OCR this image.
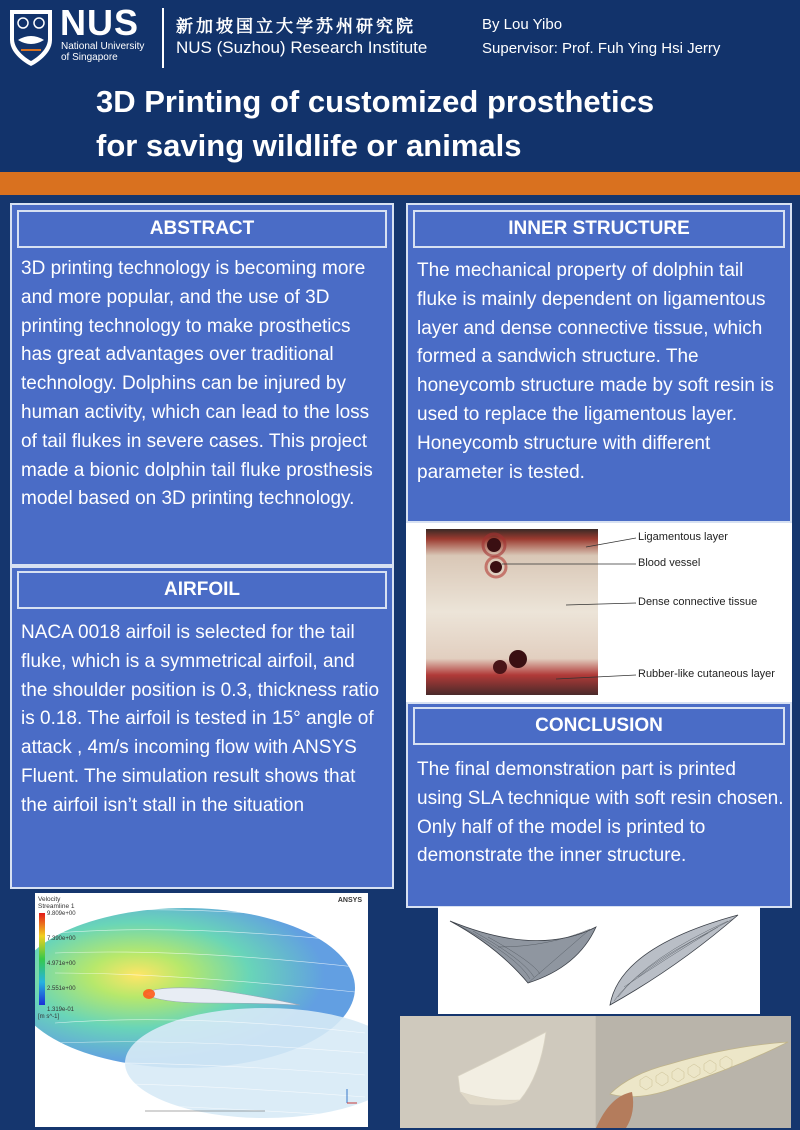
NUS
National University
of Singapore
新加坡国立大学苏州研究院
NUS (Suzhou) Research Institute
By Lou Yibo
Supervisor: Prof. Fuh Ying Hsi Jerry
3D Printing of customized prosthetics
for saving wildlife or animals
ABSTRACT
3D printing technology is becoming more and more popular, and the use of 3D printing technology to make prosthetics has great advantages over traditional technology. Dolphins can be injured by human activity, which can lead to the loss of tail flukes in severe cases. This project made a bionic dolphin tail fluke prosthesis model based on 3D printing technology.
AIRFOIL
NACA 0018 airfoil is selected for the tail fluke, which is a symmetrical airfoil, and the shoulder position is 0.3, thickness ratio is 0.18. The airfoil is tested in 15° angle of attack , 4m/s incoming flow with ANSYS Fluent. The simulation result shows that the airfoil isn’t stall in the situation
INNER STRUCTURE
The mechanical property of dolphin tail fluke is mainly dependent on ligamentous layer and dense connective tissue, which formed a sandwich structure. The honeycomb structure made by soft resin is used to replace the ligamentous layer. Honeycomb structure with different parameter is tested.
Ligamentous layer
Blood vessel
Dense connective tissue
Rubber-like cutaneous layer
CONCLUSION
The final demonstration part is printed using SLA technique with soft resin chosen. Only half of the model is printed to demonstrate the inner structure.
Velocity
Streamline 1
9.809e+00
7.390e+00
4.971e+00
2.551e+00
1.319e-01
[m s^-1]
ANSYS
